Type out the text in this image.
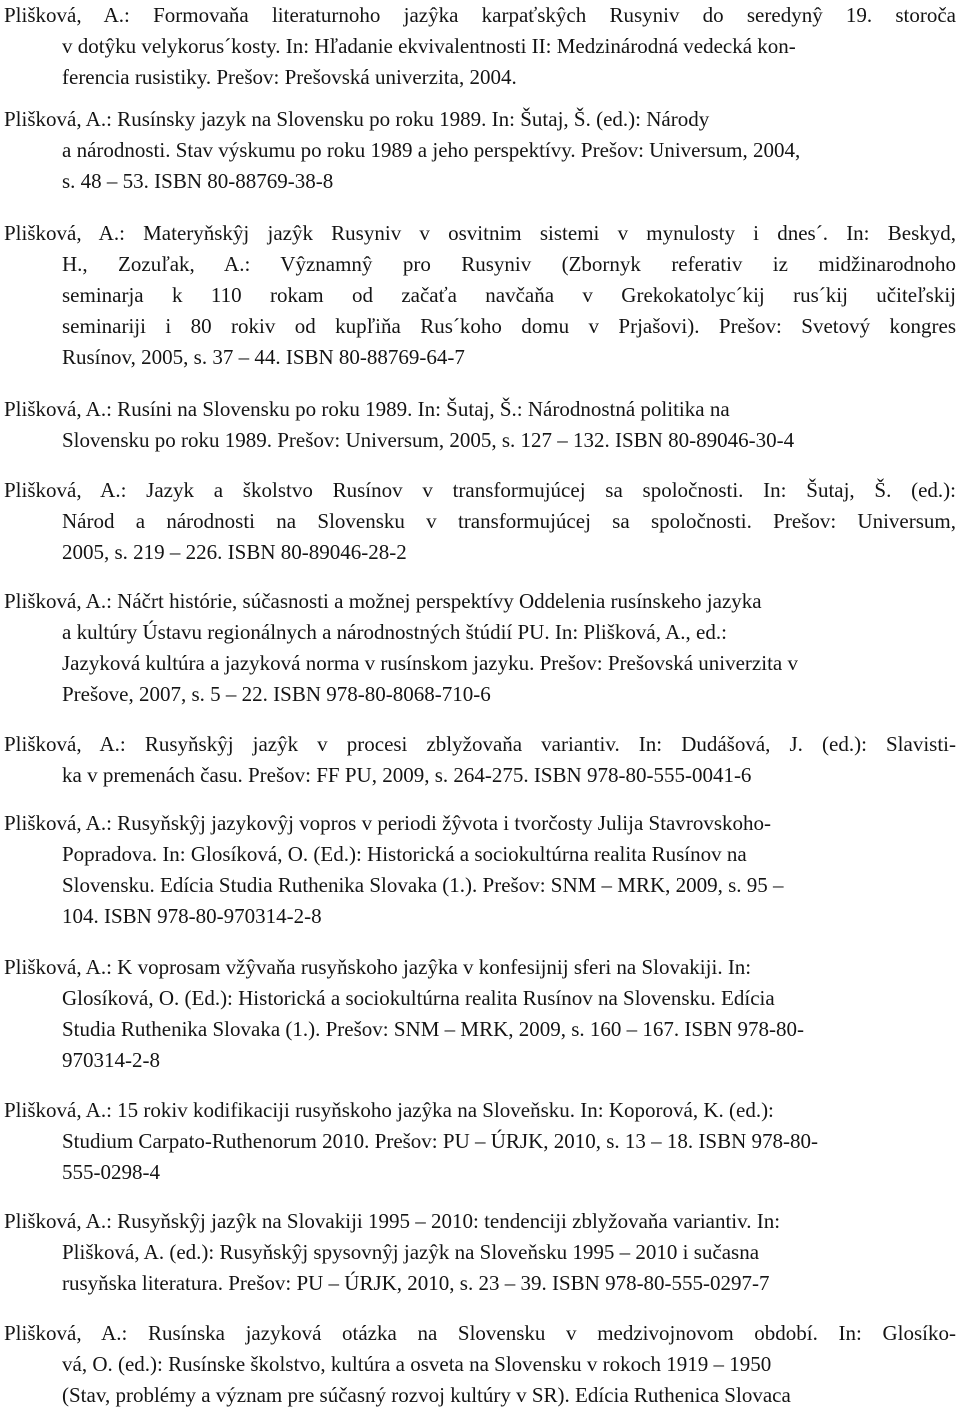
Plišková, A.: Formovaňa literaturnoho jazŷka karpaťskŷch Rusyniv do seredynŷ 19. storoča
v dotŷku velykorus´kosty. In: Hľadanie ekvivalentnosti II: Medzinárodná vedecká kon-
ferencia rusistiky. Prešov: Prešovská univerzita, 2004.
Plišková, A.: Rusínsky jazyk na Slovensku po roku 1989. In: Šutaj, Š. (ed.): Národy
a národnosti. Stav výskumu po roku 1989 a jeho perspektívy. Prešov: Universum, 2004,
s. 48 ‒ 53. ISBN 80-88769-38-8
Plišková, A.: Materyňskŷj jazŷk Rusyniv v osvitnim sistemi v mynulosty i dnes´. In: Beskyd,
H., Zozuľak, A.: Vŷznamnŷ pro Rusyniv (Zbornyk referativ iz midžinarodnoho
seminarja k 110 rokam od začaťa navčaňa v Grekokatolyc´kij rus´kij učiteľskij
seminariji i 80 rokiv od kupľiňa Rus´koho domu v Prjašovi). Prešov: Svetový kongres
Rusínov, 2005, s. 37 ‒ 44. ISBN 80-88769-64-7
Plišková, A.: Rusíni na Slovensku po roku 1989. In: Šutaj, Š.: Národnostná politika na
Slovensku po roku 1989. Prešov: Universum, 2005, s. 127 ‒ 132. ISBN 80-89046-30-4
Plišková, A.: Jazyk a školstvo Rusínov v transformujúcej sa spoločnosti. In: Šutaj, Š. (ed.):
Národ a národnosti na Slovensku v transformujúcej sa spoločnosti. Prešov: Universum,
2005, s. 219 ‒ 226. ISBN 80-89046-28-2
Plišková, A.: Náčrt histórie, súčasnosti a možnej perspektívy Oddelenia rusínskeho jazyka
a kultúry Ústavu regionálnych a národnostných štúdií PU. In: Plišková, A., ed.:
Jazyková kultúra a jazyková norma v rusínskom jazyku. Prešov: Prešovská univerzita v
Prešove, 2007, s. 5 ‒ 22. ISBN 978-80-8068-710-6
Plišková, A.: Rusyňskŷj jazŷk v procesi zblyžovaňa variantiv. In: Dudášová, J. (ed.): Slavisti-
ka v premenách času. Prešov: FF PU, 2009, s. 264-275. ISBN 978-80-555-0041-6
Plišková, A.: Rusyňskŷj jazykovŷj vopros v periodi žŷvota i tvorčosty Julija Stavrovskoho-
Popradova. In: Glosíková, O. (Ed.): Historická a sociokultúrna realita Rusínov na
Slovensku. Edícia Studia Ruthenika Slovaka (1.). Prešov: SNM ‒ MRK, 2009, s. 95 ‒
104. ISBN 978-80-970314-2-8
Plišková, A.: K voprosam vžŷvaňa rusyňskoho jazŷka v konfesijnij sferi na Slovakiji. In:
Glosíková, O. (Ed.): Historická a sociokultúrna realita Rusínov na Slovensku. Edícia
Studia Ruthenika Slovaka (1.). Prešov: SNM ‒ MRK, 2009, s. 160 ‒ 167. ISBN 978-80-
970314-2-8
Plišková, A.: 15 rokiv kodifikaciji rusyňskoho jazŷka na Sloveňsku. In: Koporová, K. (ed.):
Studium Carpato-Ruthenorum 2010. Prešov: PU ‒ ÚRJK, 2010, s. 13 ‒ 18. ISBN 978-80-
555-0298-4
Plišková, A.: Rusyňskŷj jazŷk na Slovakiji 1995 ‒ 2010: tendenciji zblyžovaňa variantiv. In:
Plišková, A. (ed.): Rusyňskŷj spysovnŷj jazŷk na Sloveňsku 1995 ‒ 2010 i sučasna
rusyňska literatura. Prešov: PU ‒ ÚRJK, 2010, s. 23 ‒ 39. ISBN 978-80-555-0297-7
Plišková, A.: Rusínska jazyková otázka na Slovensku v medzivojnovom období. In: Glosíko-
vá, O. (ed.): Rusínske školstvo, kultúra a osveta na Slovensku v rokoch 1919 ‒ 1950
(Stav, problémy a význam pre súčasný rozvoj kultúry v SR). Edícia Ruthenica Slovaca
